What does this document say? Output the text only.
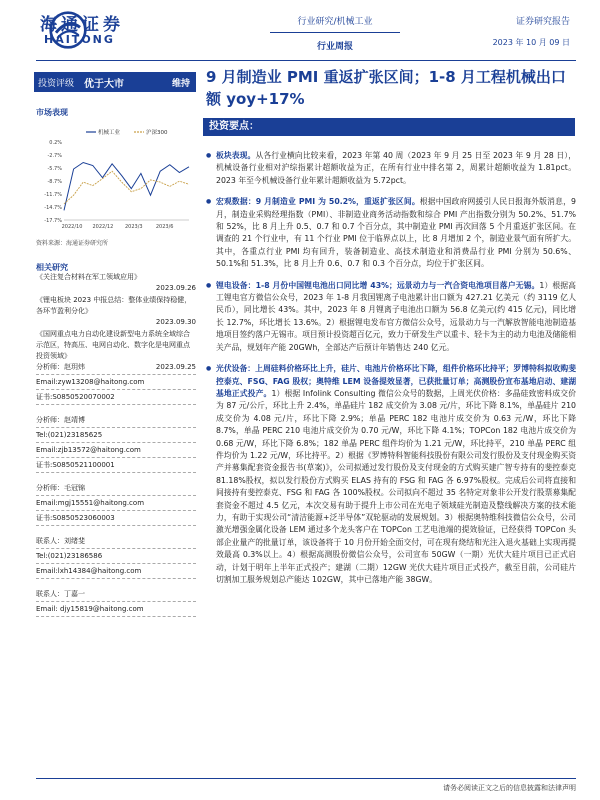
海通证券
HAITONG
行业研究/机械工业
行业周报
证券研究报告
2023 年 10 月 09 日
投资评级 优于大市	维持
市场表现
机械工业	沪深300
0.2%
-2.7%
-5.7%
-8.7%
-11.7%
-14.7%
-17.7%
2022/10 2022/12 2023/3	2023/6
资料来源：海通证券研究所
相关研究
《关注复合材料在军工领域应用》
2023.09.26
《锂电板块 2023 中报总结：整体业绩保持稳健，各环节盈利分化》
2023.09.30
《国网重点电力自动化建设新型电力系统全域综合示范区，特高压、电网自动化、数字化是电网重点投资领域》
2023.09.25
分析师：赵玥炜
Email:zyw13208@haitong.com
证书:S0850520070002
分析师：赵靖博
Tel:(021)23185625
Email:zjb13572@haitong.com
证书:S0850521100001
分析师：毛冠锦
Email:mgj15551@haitong.com
证书:S0850523060003
联系人：刘绪斐
Tel:(021)23186586
Email:lxh14384@haitong.com
联系人：丁嘉一
Email: djy15819@haitong.com
9 月制造业 PMI 重返扩张区间；1-8 月工程机械出口额 yoy+17%
投资要点：
● 板块表现。从各行业横向比较来看，2023 年第 40 周（2023 年 9 月 25 日至 2023 年 9 月 28 日），机械设备行业相对沪综指累计超额收益为正，在所有行业中排名第 2，周累计超额收益为 1.81pct。2023 年至今机械设备行业年累计超额收益为 5.72pct。
● 宏观数据：9 月制造业 PMI 为 50.2%，重返扩张区间。根据中国政府网援引人民日报海外版消息，9 月，制造业采购经理指数（PMI）、非制造业商务活动指数和综合 PMI 产出指数分别为 50.2%、51.7%和 52%，比 8 月上升 0.5、0.7 和 0.7 个百分点，其中制造业 PMI 再次回落 5 个月重返扩张区间。在调查的 21 个行业中，有 11 个行业 PMI 位于临界点以上，比 8 月增加 2 个，制造业景气面有所扩大。其中，各重点行业 PMI 均有回升，装备制造业、高技术制造业和消费品行业 PMI 分别为 50.6%、50.1%和 51.3%，比 8 月上升 0.6、0.7 和 0.3 个百分点，均位于扩张区间。
● 锂电设备：1-8 月份中国锂电池出口同比增 43%；远景动力与一汽合资电池项目落户无锡。1）根据高工锂电官方微信公众号，2023 年 1-8 月我国锂离子电池累计出口额为 427.21 亿美元（约 3119 亿人民币），同比增长 43%。其中，2023 年 8 月锂离子电池出口额为 56.8 亿美元(约 415 亿元)，同比增长 12.7%，环比增长 13.6%。2）根据锂电发布官方微信公众号，远景动力与一汽解放智能电池制造基地项目签约落户无锡市。项目预计投资超百亿元，致力于研发生产以重卡、轻卡为主的动力电池及储能相关产品，规划年产能 20GWh，全部达产后预计年销售达 240 亿元。
● 光伏设备：上周硅料价格环比上升，硅片、电池片价格环比下降，组件价格环比持平；罗博特科拟收购斐控泰克、FSG、FAG 股权；奥特维 LEM 设备提效显著，已获批量订单；高测股份宣布基地启动、建湖基地正式投产。1）根据 Infolink Consulting 微信公众号的数据，上周光伏价格：多晶硅致密料成交价为 87 元/公斤，环比上升 2.4%，单晶硅片 182 成交价为 3.08 元/片，环比下降 8.1%，单晶硅片 210 成交价为 4.08 元/片，环比下降 2.9%；单晶 PERC 182 电池片成交价为 0.63 元/W，环比下降 8.7%，单晶 PERC 210 电池片成交价为 0.70 元/W，环比下降 4.1%；TOPCon 182 电池片成交价为 0.68 元/W，环比下降 6.8%；182 单晶 PERC 组件均价为 1.21 元/W，环比持平，210 单晶 PERC 组件均价为 1.22 元/W，环比持平。2）根据《罗博特科智能科技股份有限公司发行股份及支付现金购买资产并募集配套资金报告书(草案)》，公司拟通过发行股份及支付现金的方式购买建广智专持有的斐控泰克 81.18%股权，拟以发行股份方式购买 ELAS 持有的 FSG 和 FAG 各 6.97%股权。完成后公司将直接和间接持有斐控泰克、FSG 和 FAG 各 100%股权。公司拟向不超过 35 名特定对象非公开发行股票募集配套资金不超过 4.5 亿元，本次交易有助于提升上市公司在光电子领域硅光制造及整线解决方案的技术能力，有助于实现公司“清洁能源+泛半导体”双轮驱动的发展规划。3）根据奥特维科技微信公众号，公司激光增强金属化设备 LEM 通过多个龙头客户在 TOPCon 工艺电池端的提效验证，已经获得 TOPCon 头部企业量产的批量订单，该设备将于 10 月份开始全面交付，可在现有烧结和光注入退火基础上实现再提效最高 0.3%以上。4）根据高测股份微信公众号，公司宣布 50GW（一期）光伏大硅片项目已正式启动，计划于明年上半年正式投产；建湖（二期）12GW 光伏大硅片项目正式投产，截至目前，公司硅片切割加工服务规划总产能达 102GW，其中已落地产能 38GW。
请务必阅读正文之后的信息披露和法律声明
